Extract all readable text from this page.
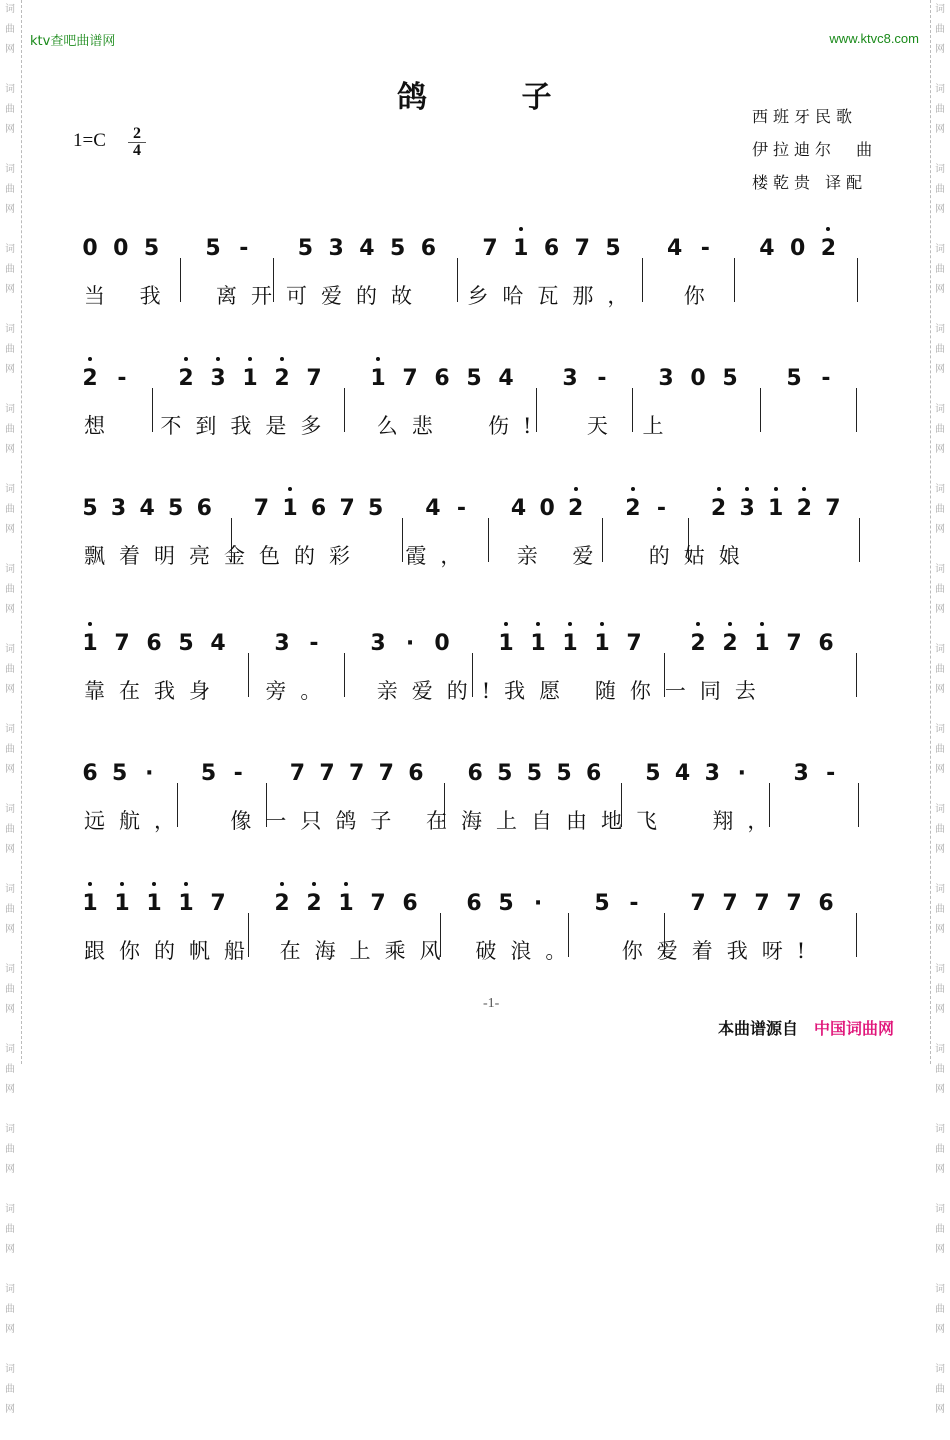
词
曲
网

词
曲
网

词
曲
网

词
曲
网

词
曲
网

词
曲
网

词
曲
网

词
曲
网

词
曲
网

词
曲
网

词
曲
网

词
曲
网

词
曲
网

词
曲
网

词
曲
网

词
曲
网

词
曲
网

词
曲
网

词
曲
网

词
曲
网

词
曲
网

词
曲
网

词
曲
网

词
曲
网

词
曲
网

词
曲
网

词
曲
网

词
曲
网

词
曲
网

词
曲
网

词
曲
网

词
曲
网

词
曲
网

词
曲
网

词
曲
网

词
曲
网

ktv查吧曲谱网	www.ktvc8.com
鸽 子
$1=C \frac{2}{4}$
西班牙民歌
伊拉迪尔  曲
楼乾贵 译配
0 0 5 5 - 5 3 4 5 6 7 1 6 7 5 4 - 4 0 2
当 我  离开可爱的故  乡哈瓦那，  你
2 - 2 3 1 2 7 1 7 6 5 4 3 - 3 0 5 5 -
想  不到我是多  么悲  伤!  天 上
5 3 4 5 6 7 1 6 7 5 4 - 4 0 2 2 - 2 3 1 2 7
飘着明亮金色的彩  霞，  亲 爱  的姑娘
1 7 6 5 4 3 - 3 · 0 1 1 1 1 7 2 2 1 7 6
靠在我身  旁。  亲爱的!我愿 随你一同去
6 5 · 5 - 7 7 7 7 6 6 5 5 5 6 5 4 3 · 3 -
远航，  像一只鸽子 在海上自由地飞  翔，
1 1 1 1 7 2 2 1 7 6 6 5 · 5 - 7 7 7 7 6
跟你的帆船 在海上乘风 破浪。  你爱着我呀!
-1-
本曲谱源自 中国词曲网
